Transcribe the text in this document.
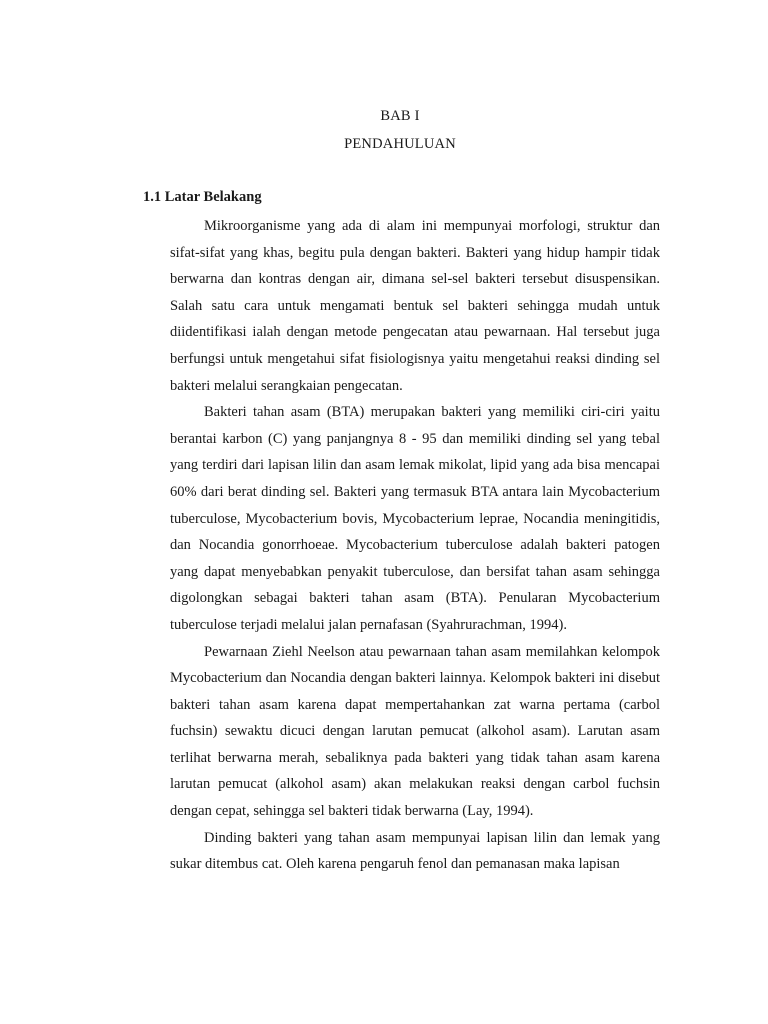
BAB I
PENDAHULUAN
1.1 Latar Belakang

Mikroorganisme yang ada di alam ini mempunyai morfologi, struktur dan sifat-sifat yang khas, begitu pula dengan bakteri. Bakteri yang hidup hampir tidak berwarna dan kontras dengan air, dimana sel-sel bakteri tersebut disuspensikan. Salah satu cara untuk mengamati bentuk sel bakteri sehingga mudah untuk diidentifikasi ialah dengan metode pengecatan atau pewarnaan. Hal tersebut juga berfungsi untuk mengetahui sifat fisiologisnya yaitu mengetahui reaksi dinding sel bakteri melalui serangkaian pengecatan.

Bakteri tahan asam (BTA) merupakan bakteri yang memiliki ciri-ciri yaitu berantai karbon (C) yang panjangnya 8 - 95 dan memiliki dinding sel yang tebal yang terdiri dari lapisan lilin dan asam lemak mikolat, lipid yang ada bisa mencapai 60% dari berat dinding sel. Bakteri yang termasuk BTA antara lain Mycobacterium tuberculose, Mycobacterium bovis, Mycobacterium leprae, Nocandia meningitidis, dan Nocandia gonorrhoeae. Mycobacterium tuberculose adalah bakteri patogen yang dapat menyebabkan penyakit tuberculose, dan bersifat tahan asam sehingga digolongkan sebagai bakteri tahan asam (BTA). Penularan Mycobacterium tuberculose terjadi melalui jalan pernafasan (Syahrurachman, 1994).

Pewarnaan Ziehl Neelson atau pewarnaan tahan asam memilahkan kelompok Mycobacterium dan Nocandia dengan bakteri lainnya. Kelompok bakteri ini disebut bakteri tahan asam karena dapat mempertahankan zat warna pertama (carbol fuchsin) sewaktu dicuci dengan larutan pemucat (alkohol asam). Larutan asam terlihat berwarna merah, sebaliknya pada bakteri yang tidak tahan asam karena larutan pemucat (alkohol asam) akan melakukan reaksi dengan carbol fuchsin dengan cepat, sehingga sel bakteri tidak berwarna (Lay, 1994).

Dinding bakteri yang tahan asam mempunyai lapisan lilin dan lemak yang sukar ditembus cat. Oleh karena pengaruh fenol dan pemanasan maka lapisan
